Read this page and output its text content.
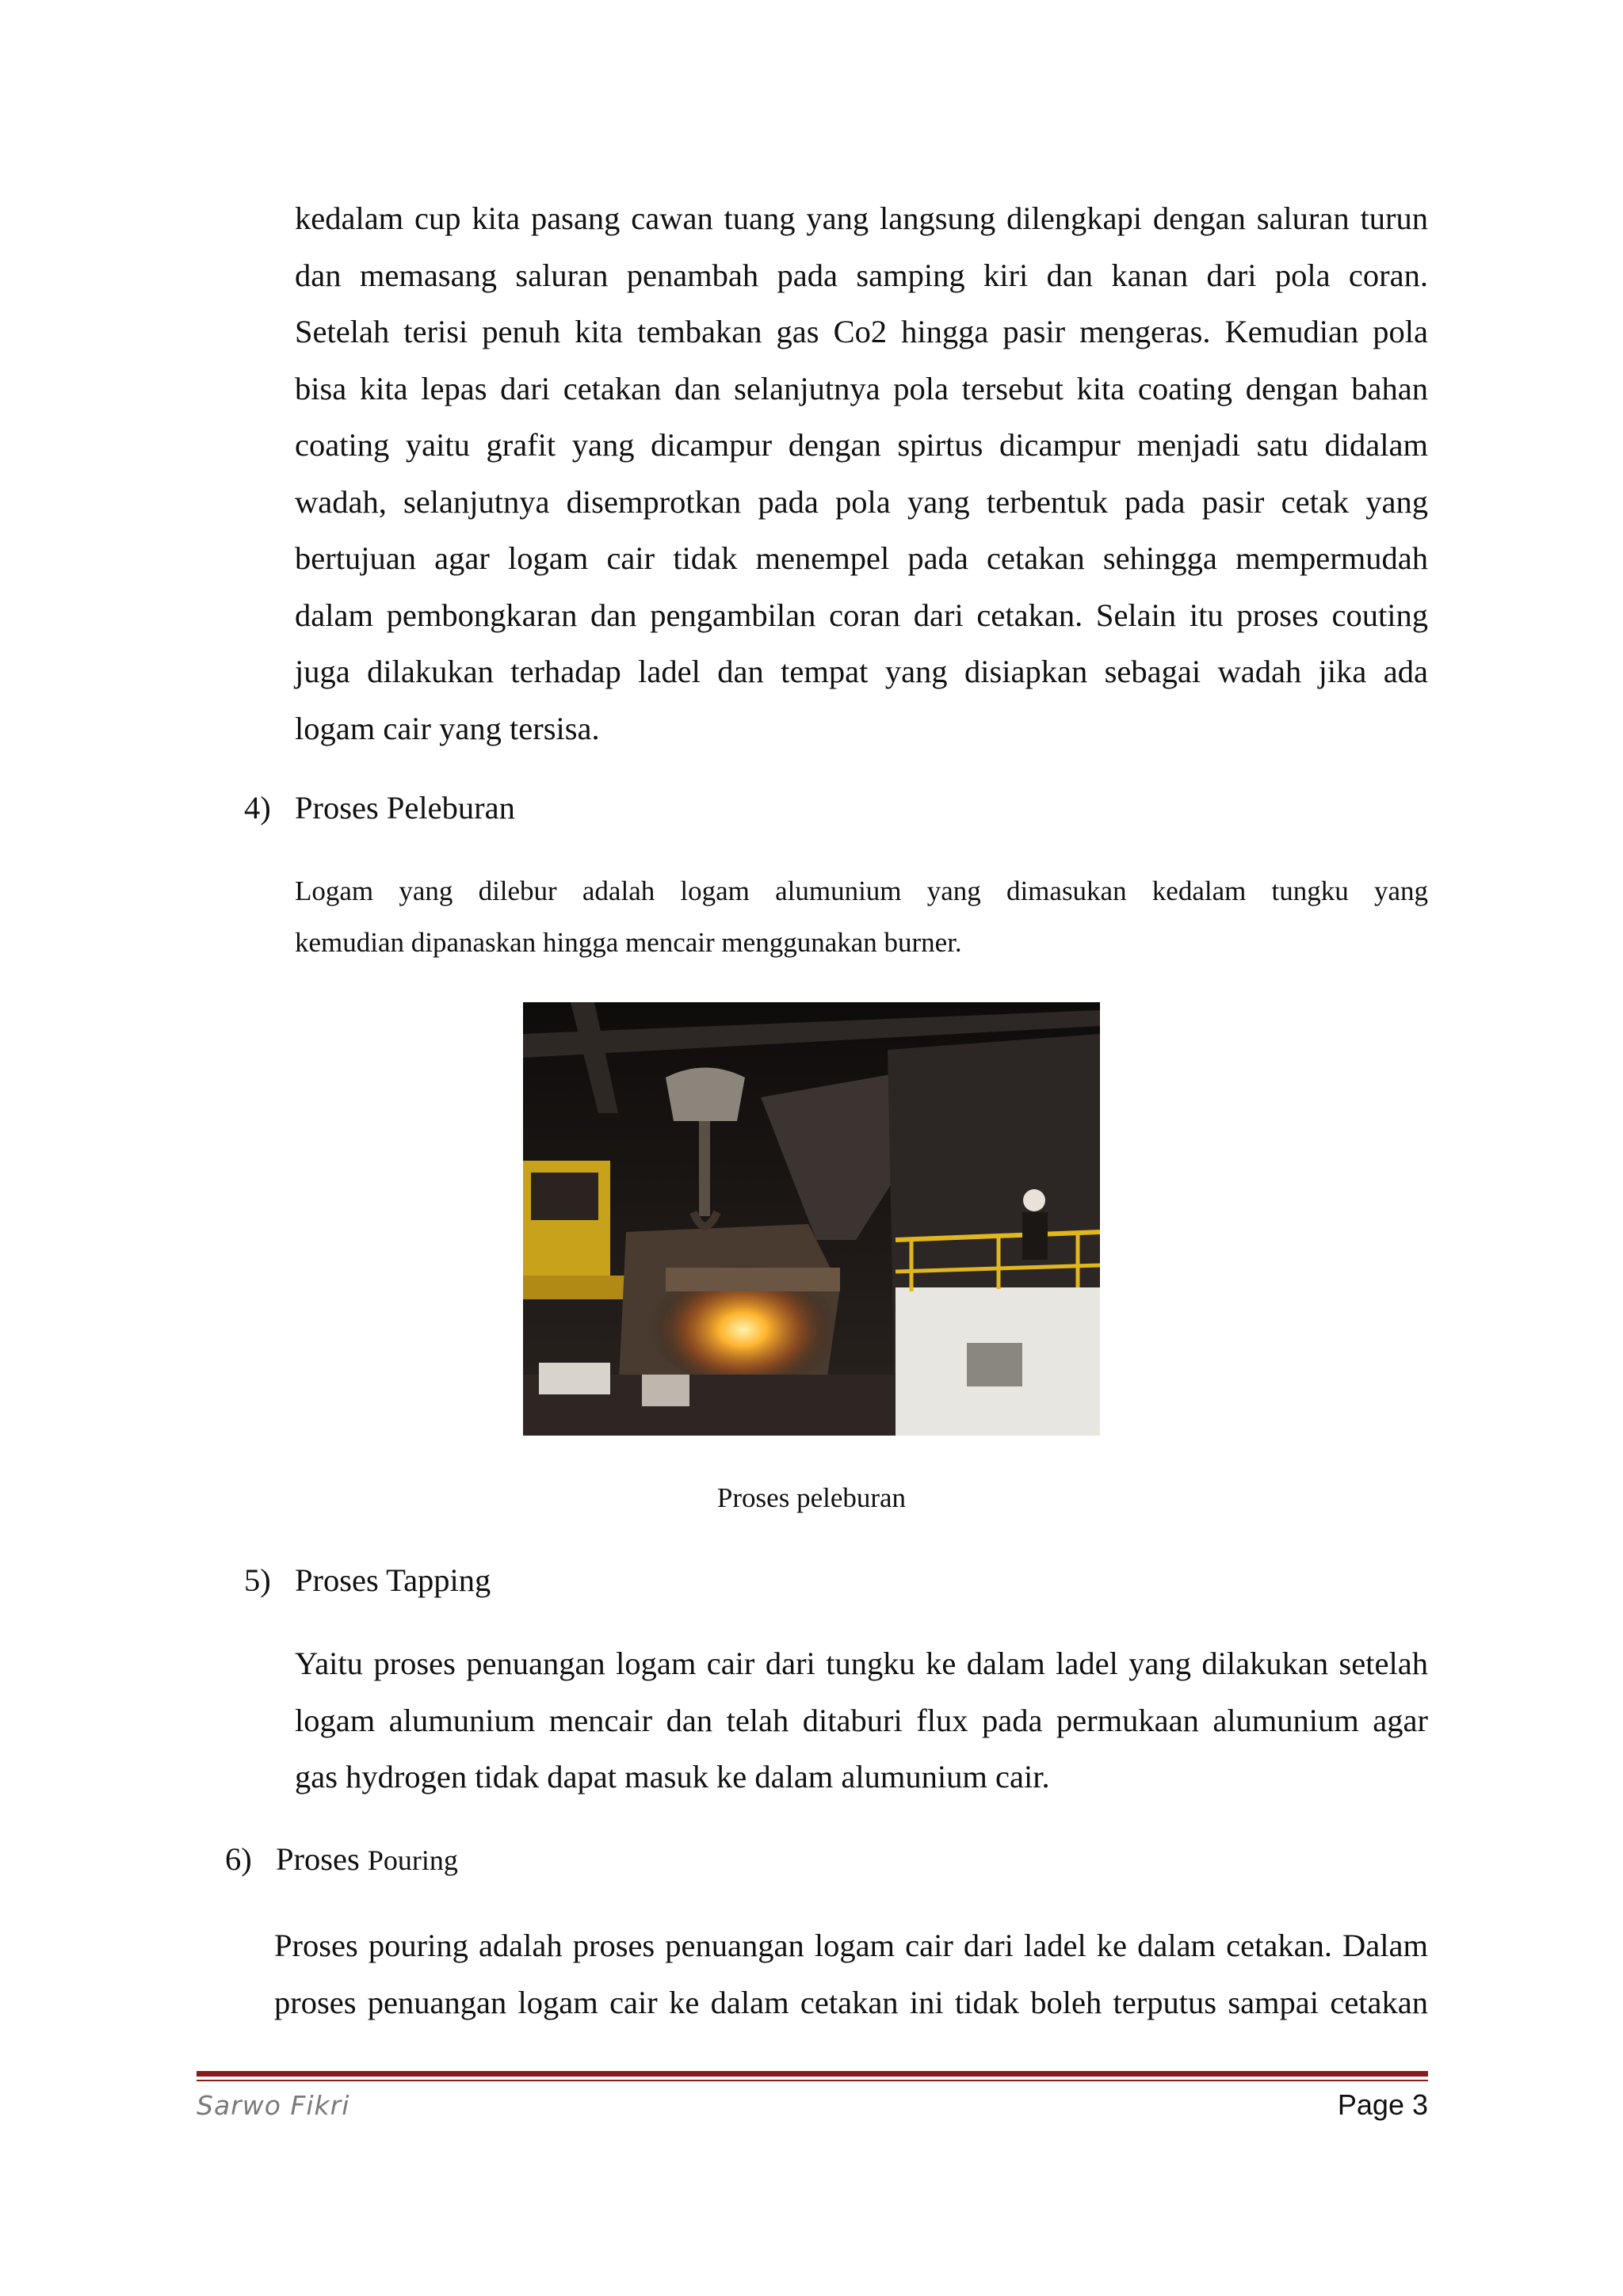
kedalam cup kita pasang cawan tuang yang langsung dilengkapi dengan saluran turun
dan memasang saluran penambah pada samping kiri dan kanan dari pola coran.
Setelah terisi penuh kita tembakan gas Co2 hingga pasir mengeras. Kemudian pola
bisa kita lepas dari cetakan dan selanjutnya pola tersebut kita coating dengan bahan
coating yaitu grafit yang dicampur dengan spirtus dicampur menjadi satu didalam
wadah, selanjutnya disemprotkan pada pola yang terbentuk pada pasir cetak yang
bertujuan agar logam cair tidak menempel pada cetakan sehingga mempermudah
dalam pembongkaran dan pengambilan coran dari cetakan. Selain itu proses couting
juga dilakukan terhadap ladel dan tempat yang disiapkan sebagai wadah jika ada
logam cair yang tersisa.
4) Proses Peleburan
Logam yang dilebur adalah logam alumunium yang dimasukan kedalam tungku yang
kemudian dipanaskan hingga mencair menggunakan burner.
Proses peleburan
5) Proses Tapping
Yaitu proses penuangan logam cair dari tungku ke dalam ladel yang dilakukan setelah
logam alumunium mencair dan telah ditaburi flux pada permukaan alumunium agar
gas hydrogen tidak dapat masuk ke dalam alumunium cair.
6) Proses Pouring
Proses pouring adalah proses penuangan logam cair dari ladel ke dalam cetakan. Dalam
proses penuangan logam cair ke dalam cetakan ini tidak boleh terputus sampai cetakan
Sarwo Fikri	Page 3
